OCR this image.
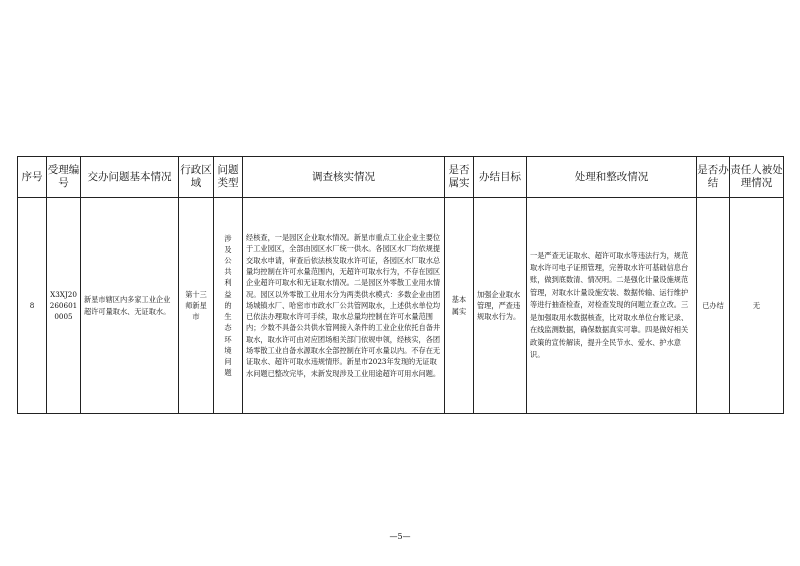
序号	受理编号	交办问题基本情况	行政区域	问题类型	调查核实情况	是否属实	办结目标	处理和整改情况	是否办结	责任人被处理情况
8	X3XJ202606010005	新星市辖区内多家工业企业超许可量取水、无证取水。	第十三师新星市	涉及公共利益的生态环境问题	经核查，一是园区企业取水情况。新星市重点工业企业主要位于工业园区，全部由园区水厂统一供水。各园区水厂均依规提交取水申请，审查后依法核发取水许可证，各园区水厂取水总量均控制在许可水量范围内，无超许可取水行为，不存在园区企业超许可取水和无证取水情况。二是园区外零散工业用水情况。园区以外零散工业用水分为两类供水模式：多数企业由团场城镇水厂、哈密市市政水厂公共管网取水，上述供水单位均已依法办理取水许可手续，取水总量均控制在许可水量范围内；少数不具备公共供水管网接入条件的工业企业依托自备井取水，取水许可由对应团场相关部门依规申领，经核实，各团场零散工业自备水源取水全部控制在许可水量以内。不存在无证取水、超许可取水违规情形。新星市2023年发现的无证取水问题已整改完毕，未新发现涉及工业用途超许可用水问题。	基本属实	加强企业取水管理，严查违规取水行为。	一是严查无证取水、超许可取水等违法行为，规范取水许可电子证照管理，完善取水许可基础信息台账，做到底数清、情况明。二是强化计量设施规范管理，对取水计量设施安装、数据传输、运行维护等进行抽查检查，对检查发现的问题立查立改。三是加强取用水数据核查，比对取水单位台账记录、在线监测数据，确保数据真实可靠。四是做好相关政策的宣传解读，提升全民节水、爱水、护水意识。	已办结	无
—5—
